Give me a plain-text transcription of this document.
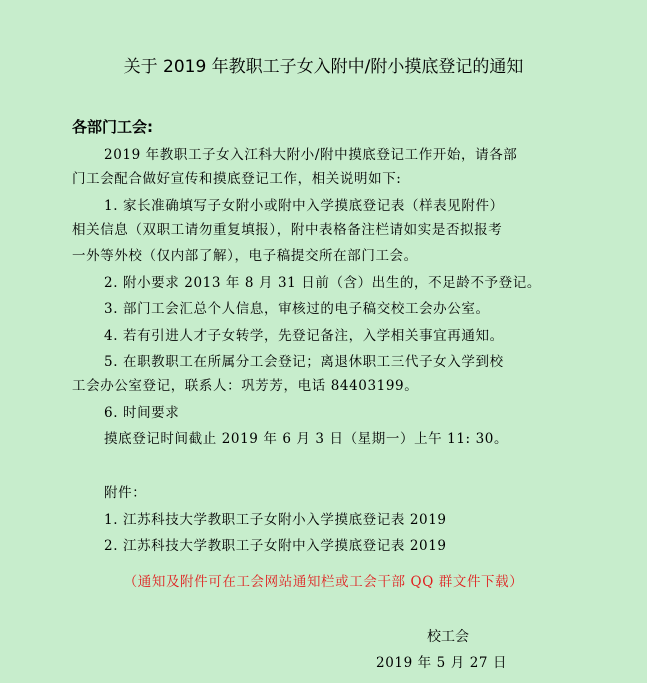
关于 2019 年教职工子女入附中/附小摸底登记的通知
各部门工会:
2019 年教职工子女入江科大附小/附中摸底登记工作开始，请各部
门工会配合做好宣传和摸底登记工作，相关说明如下:
1. 家长准确填写子女附小或附中入学摸底登记表（样表见附件）
相关信息（双职工请勿重复填报），附中表格备注栏请如实是否拟报考
一外等外校（仅内部了解），电子稿提交所在部门工会。
2. 附小要求 2013 年 8 月 31 日前（含）出生的，不足龄不予登记。
3. 部门工会汇总个人信息，审核过的电子稿交校工会办公室。
4. 若有引进人才子女转学，先登记备注，入学相关事宜再通知。
5. 在职教职工在所属分工会登记；离退休职工三代子女入学到校
工会办公室登记，联系人：巩芳芳，电话 84403199。
6. 时间要求
摸底登记时间截止 2019 年 6 月 3 日（星期一）上午 11: 30。
附件：
1. 江苏科技大学教职工子女附小入学摸底登记表 2019
2. 江苏科技大学教职工子女附中入学摸底登记表 2019
（通知及附件可在工会网站通知栏或工会干部 QQ 群文件下载）
校工会
2019 年 5 月 27 日
